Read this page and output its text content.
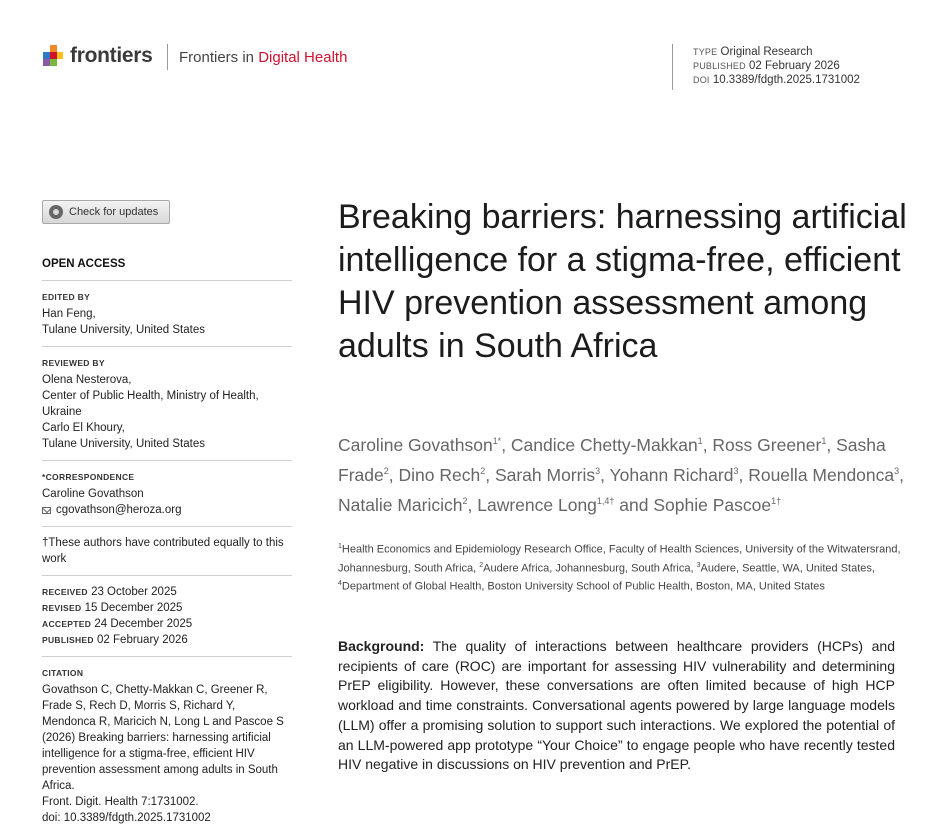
frontiers Frontiers in Digital Health	TYPE Original Research
PUBLISHED 02 February 2026
DOI 10.3389/fdgth.2025.1731002
Check for updates
OPEN ACCESS
EDITED BY
Han Feng,
Tulane University, United States
REVIEWED BY
Olena Nesterova,
Center of Public Health, Ministry of Health, Ukraine
Carlo El Khoury,
Tulane University, United States
*CORRESPONDENCE
Caroline Govathson
cgovathson@heroza.org
†These authors have contributed equally to this work
RECEIVED 23 October 2025
REVISED 15 December 2025
ACCEPTED 24 December 2025
PUBLISHED 02 February 2026
CITATION
Govathson C, Chetty-Makkan C, Greener R, Frade S, Rech D, Morris S, Richard Y, Mendonca R, Maricich N, Long L and Pascoe S (2026) Breaking barriers: harnessing artificial intelligence for a stigma-free, efficient HIV prevention assessment among adults in South Africa.
Front. Digit. Health 7:1731002.
doi: 10.3389/fdgth.2025.1731002
Breaking barriers: harnessing artificial intelligence for a stigma-free, efficient HIV prevention assessment among adults in South Africa
Caroline Govathson$^{1*}$, Candice Chetty-Makkan$^1$, Ross Greener$^1$, Sasha Frade$^2$, Dino Rech$^2$, Sarah Morris$^3$, Yohann Richard$^3$, Rouella Mendonca$^3$, Natalie Maricich$^2$, Lawrence Long$^{1,4\dagger}$ and Sophie Pascoe$^{1\dagger}$
$^1$Health Economics and Epidemiology Research Office, Faculty of Health Sciences, University of the Witwatersrand, Johannesburg, South Africa, $^2$Audere Africa, Johannesburg, South Africa, $^3$Audere, Seattle, WA, United States, $^4$Department of Global Health, Boston University School of Public Health, Boston, MA, United States
Background: The quality of interactions between healthcare providers (HCPs) and recipients of care (ROC) are important for assessing HIV vulnerability and determining PrEP eligibility. However, these conversations are often limited because of high HCP workload and time constraints. Conversational agents powered by large language models (LLM) offer a promising solution to support such interactions. We explored the potential of an LLM-powered app prototype “Your Choice” to engage people who have recently tested HIV negative in discussions on HIV prevention and PrEP.
